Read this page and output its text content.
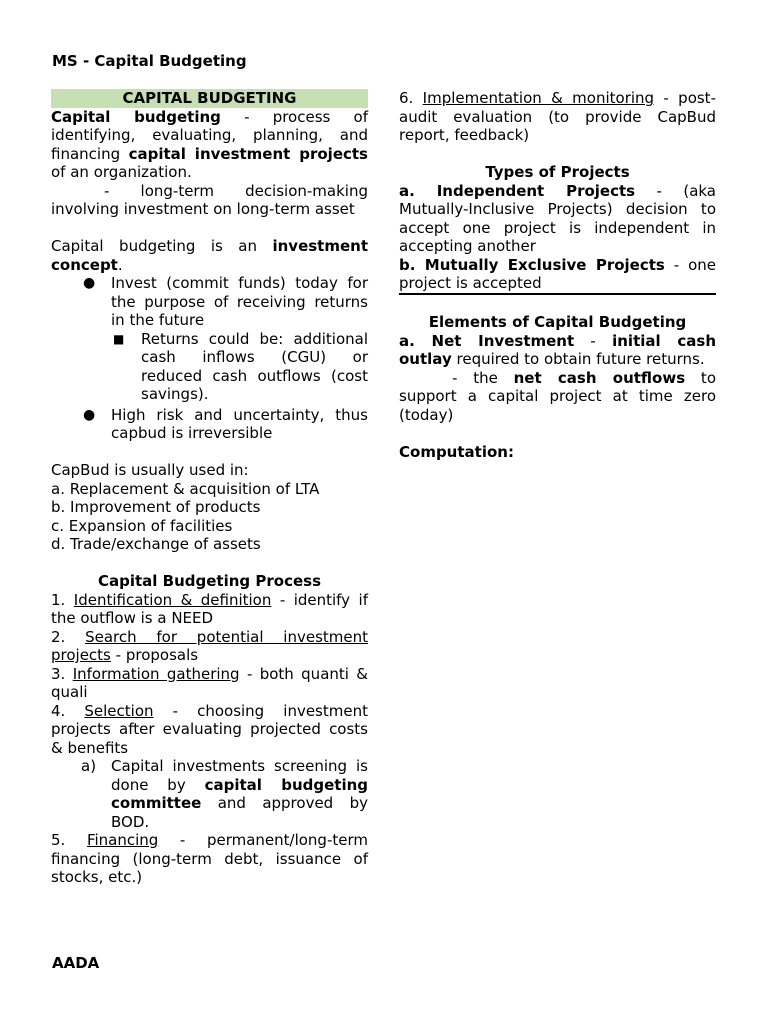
MS - Capital Budgeting

CAPITAL BUDGETING

Capital budgeting - process of identifying, evaluating, planning, and financing capital investment projects of an organization.

- long-term decision-making involving investment on long-term asset

Capital budgeting is an investment concept.

● Invest (commit funds) today for the purpose of receiving returns in the future
■ Returns could be: additional cash inflows (CGU) or reduced cash outflows (cost savings).
● High risk and uncertainty, thus capbud is irreversible

CapBud is usually used in:

a. Replacement & acquisition of LTA

b. Improvement of products

c. Expansion of facilities

d. Trade/exchange of assets

Capital Budgeting Process

1. Identification & definition - identify if the outflow is a NEED

2. Search for potential investment projects - proposals

3. Information gathering - both quanti & quali

4. Selection - choosing investment projects after evaluating projected costs & benefits

a) Capital investments screening is done by capital budgeting committee and approved by BOD.

5. Financing - permanent/long-term financing (long-term debt, issuance of stocks, etc.)

6. Implementation & monitoring - post-audit evaluation (to provide CapBud report, feedback)

Types of Projects

a. Independent Projects - (aka Mutually-Inclusive Projects) decision to accept one project is independent in accepting another

b. Mutually Exclusive Projects - one project is accepted

Elements of Capital Budgeting

a. Net Investment - initial cash outlay required to obtain future returns.

- the net cash outflows to support a capital project at time zero (today)

Computation:

AADA
